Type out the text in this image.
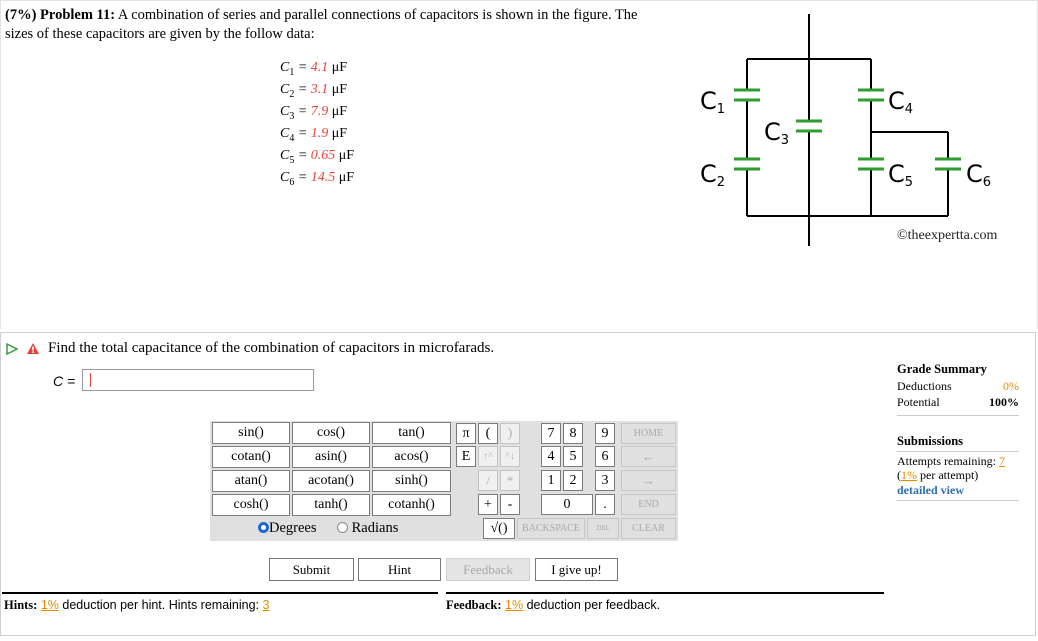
(7%) Problem 11: A combination of series and parallel connections of capacitors is shown in the figure. The sizes of these capacitors are given by the follow data:
$C_1 = 4.1$ μF
$C_2 = 3.1$ μF
$C_3 = 7.9$ μF
$C_4 = 1.9$ μF
$C_5 = 0.65$ μF
$C_6 = 14.5$ μF
C1
C2
C3
C4
C5 C6
©theexpertta.com
Find the total capacitance of the combination of capacitors in microfarads.
C =
sin()	cos()	tan()
cotan()	asin()	acos()
atan()	acotan()	sinh()
cosh()	tanh()	cotanh()
Degrees	Radians
π	(	)
E	↑^	^↓
/	*
+	-
7	8	9
4	5	6
1	2	3
0	.
HOME
←
→
END
√()	BACKSPACE	DEL	CLEAR
Submit	Hint	Feedback	I give up!
Hints: 1% deduction per hint. Hints remaining: 3	Feedback: 1% deduction per feedback.
Grade Summary
Deductions	0%
Potential	100%
Submissions
Attempts remaining: 7
(1% per attempt)
detailed view
